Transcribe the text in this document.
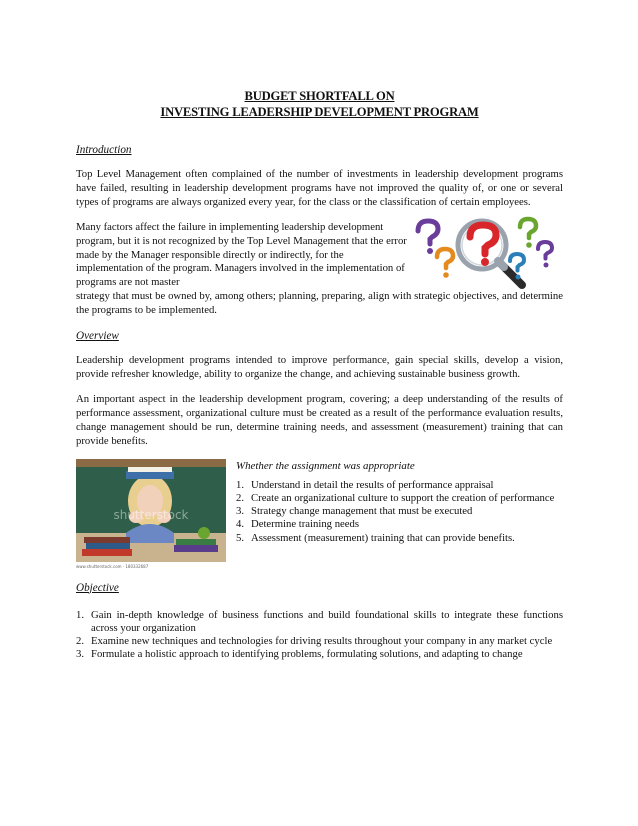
BUDGET SHORTFALL ON
INVESTING LEADERSHIP DEVELOPMENT PROGRAM
Introduction

Top Level Management often complained of the number of investments in leadership development programs have failed, resulting in leadership development programs have not improved the quality of, or one or several types of programs are always organized every year, for the class or the classification of certain employees.

Many factors affect the failure in implementing leadership development program, but it is not recognized by the Top Level Management that the error made by the Manager responsible directly or indirectly, for the implementation of the program. Managers involved in the implementation of programs are not master

strategy that must be owned by, among others; planning, preparing, align with strategic objectives, and determine the programs to be implemented.

Overview

Leadership development programs intended to improve performance, gain special skills, develop a vision, provide refresher knowledge, ability to organize the change, and achieving sustainable business growth.

An important aspect in the leadership development program, covering; a deep understanding of the results of performance assessment, organizational culture must be created as a result of the performance evaluation results, change management should be run, determine training needs, and assessment (measurement) training that can provide benefits.

shutterstock
www.shutterstock.com · 180332687
Whether the assignment was appropriate
1. Understand in detail the results of performance appraisal
2. Create an organizational culture to support the creation of performance
3. Strategy change management that must be executed
4. Determine training needs
5. Assessment (measurement) training that can provide benefits.
Objective
1. Gain in-depth knowledge of business functions and build foundational skills to integrate these functions across your organization
2. Examine new techniques and technologies for driving results throughout your company in any market cycle
3. Formulate a holistic approach to identifying problems, formulating solutions, and adapting to change
